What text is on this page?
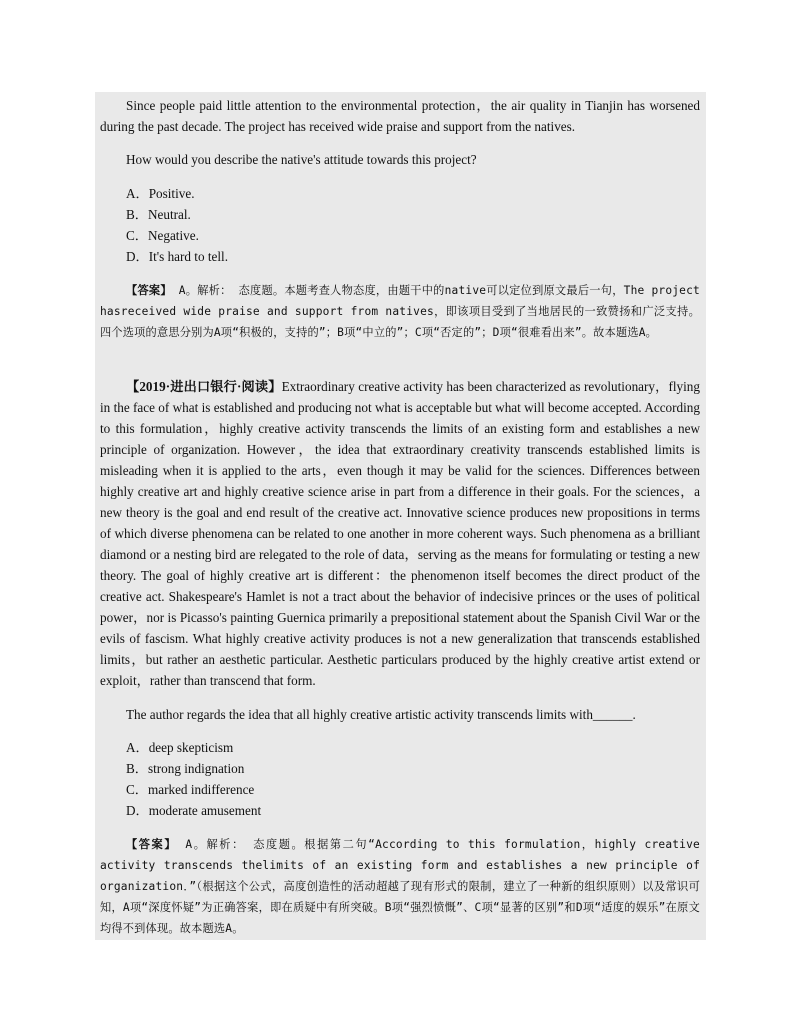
Since people paid little attention to the environmental protection，the air quality in Tianjin has worsened during the past decade. The project has received wide praise and support from the natives.

How would you describe the native's attitude towards this project?

A．Positive.

B．Neutral.

C．Negative.

D．It's hard to tell.

【答案】 A。解析： 态度题。本题考查人物态度，由题干中的native可以定位到原文最后一句，The project hasreceived wide praise and support from natives，即该项目受到了当地居民的一致赞扬和广泛支持。四个选项的意思分别为A项“积极的，支持的”；B项“中立的”；C项“否定的”；D项“很难看出来”。故本题选A。

【2019·进出口银行·阅读】Extraordinary creative activity has been characterized as revolutionary，flying in the face of what is established and producing not what is acceptable but what will become accepted. According to this formulation，highly creative activity transcends the limits of an existing form and establishes a new principle of organization. However，the idea that extraordinary creativity transcends established limits is misleading when it is applied to the arts，even though it may be valid for the sciences. Differences between highly creative art and highly creative science arise in part from a difference in their goals. For the sciences，a new theory is the goal and end result of the creative act. Innovative science produces new propositions in terms of which diverse phenomena can be related to one another in more coherent ways. Such phenomena as a brilliant diamond or a nesting bird are relegated to the role of data，serving as the means for formulating or testing a new theory. The goal of highly creative art is different：the phenomenon itself becomes the direct product of the creative act. Shakespeare's Hamlet is not a tract about the behavior of indecisive princes or the uses of political power，nor is Picasso's painting Guernica primarily a prepositional statement about the Spanish Civil War or the evils of fascism. What highly creative activity produces is not a new generalization that transcends established limits，but rather an aesthetic particular. Aesthetic particulars produced by the highly creative artist extend or exploit，rather than transcend that form.

The author regards the idea that all highly creative artistic activity transcends limits with______.

A．deep skepticism

B．strong indignation

C．marked indifference

D．moderate amusement

【答案】 A。解析： 态度题。根据第二句“According to this formulation，highly creative activity transcends thelimits of an existing form and establishes a new principle of organization．”（根据这个公式，高度创造性的活动超越了现有形式的限制，建立了一种新的组织原则）以及常识可知，A项“深度怀疑”为正确答案，即在质疑中有所突破。B项“强烈愤慨”、C项“显著的区别”和D项“适度的娱乐”在原文均得不到体现。故本题选A。
